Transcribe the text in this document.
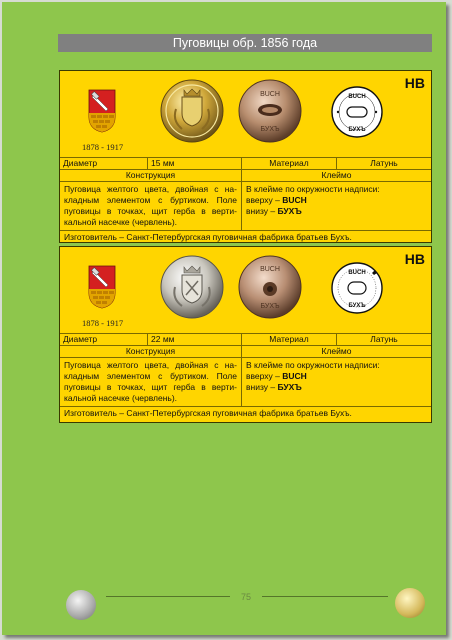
Пуговицы обр. 1856 года
1878 - 1917
BUCH
БУХЪ
BUCH
БУХЪ
HB
Диаметр	15 мм	Материал	Латунь
Конструкция	Клеймо
Пуговица желтого цвета, двойная с накладным элементом с буртиком. Поле пуговицы в точках, щит герба в вертикальной насечке (червлень).
В клейме по окружности надписи:
вверху – BUCH
внизу – БУХЪ
Изготовитель – Санкт-Петербургская пуговичная фабрика братьев Бухъ.
1878 - 1917
BUCH
БУХЪ
BUCH
БУХЪ
HB
Диаметр	22 мм	Материал	Латунь
Конструкция	Клеймо
Пуговица желтого цвета, двойная с накладным элементом с буртиком. Поле пуговицы в точках, щит герба в вертикальной насечке (червлень).
В клейме по окружности надписи:
вверху – BUCH
внизу – БУХЪ
Изготовитель – Санкт-Петербургская пуговичная фабрика братьев Бухъ.
75
